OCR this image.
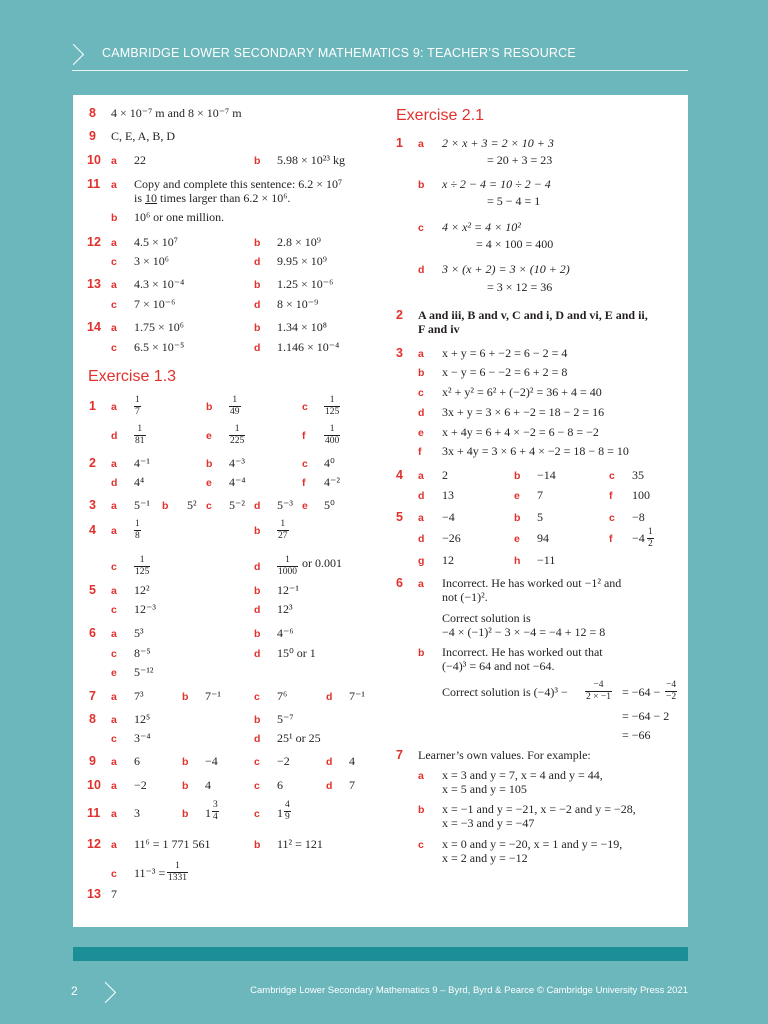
CAMBRIDGE LOWER SECONDARY MATHEMATICS 9: TEACHER’S RESOURCE
8 4 × 10⁻⁷ m and 8 × 10⁻⁷ m
9 C, E, A, B, D
10 a 22	b 5.98 × 10²³ kg
11 a Copy and complete this sentence: 6.2 × 10⁷
is 10 times larger than 6.2 × 10⁶.
b 10⁶ or one million.
12 a 4.5 × 10⁷	b 2.8 × 10⁹
c 3 × 10⁶	d 9.95 × 10⁹
13 a 4.3 × 10⁻⁴	b 1.25 × 10⁻⁶
c 7 × 10⁻⁶	d 8 × 10⁻⁹
14 a 1.75 × 10⁶	b 1.34 × 10⁸
c 6.5 × 10⁻⁵	d 1.146 × 10⁻⁴
Exercise 1.3
1 a $\frac{1}{7}$	b $\frac{1}{49}$	c $\frac{1}{125}$
d $\frac{1}{81}$	e $\frac{1}{225}$	f $\frac{1}{400}$
2 a 4⁻¹	b 4⁻³	c 4⁰
d 4⁴	e 4⁻⁴	f 4⁻²
3 a 5⁻¹ b 5² c 5⁻² d 5⁻³ e 5⁰
4 a $\frac{1}{8}$	b $\frac{1}{27}$
c $\frac{1}{125}$	d $\frac{1}{1000}$ or 0.001
5 a 12²	b 12⁻¹
c 12⁻³	d 12³
6 a 5³	b 4⁻⁶
c 8⁻⁵	d 15⁰ or 1
e 5⁻¹²
7 a 7³	b 7⁻¹	c 7⁶	d 7⁻¹
8 a 12⁵	b 5⁻⁷
c 3⁻⁴	d 25¹ or 25
9 a 6	b −4	c −2	d 4
10 a −2	b 4	c 6	d 7
11 a 3	b $1 \frac{3}{4}$	c $1 \frac{4}{9}$
12 a 11⁶ = 1 771 561	b 11² = 121
c $11^{-3} = \frac{1}{1331}$
13 7
Exercise 2.1
1 a 2 × x + 3 = 2 × 10 + 3
= 20 + 3 = 23
b x ÷ 2 − 4 = 10 ÷ 2 − 4
= 5 − 4 = 1
c 4 × x² = 4 × 10²
= 4 × 100 = 400
d 3 × (x + 2) = 3 × (10 + 2)
= 3 × 12 = 36
2 A and iii, B and v, C and i, D and vi, E and ii,
F and iv
3 a x + y = 6 + −2 = 6 − 2 = 4
b x − y = 6 − −2 = 6 + 2 = 8
c x² + y² = 6² + (−2)² = 36 + 4 = 40
d 3x + y = 3 × 6 + −2 = 18 − 2 = 16
e x + 4y = 6 + 4 × −2 = 6 − 8 = −2
f 3x + 4y = 3 × 6 + 4 × −2 = 18 − 8 = 10
4 a 2	b −14	c 35
d 13	e 7	f 100
5 a −4	b 5	c −8
d −26	e 94	$f -4 \frac{1}{2}$
g 12	h −11
6 a Incorrect. He has worked out −1² and
not (−1)².
Correct solution is
−4 × (−1)² − 3 × −4 = −4 + 12 = 8
b Incorrect. He has worked out that
(−4)³ = 64 and not −64.
Correct solution is $(-4)^3 - \frac{-4}{2 \times -1} = -64 - \frac{-4}{-2}$
= −64 − 2
= −66
7 Learner’s own values. For example:
a x = 3 and y = 7, x = 4 and y = 44,
x = 5 and y = 105
b x = −1 and y = −21, x = −2 and y = −28,
x = −3 and y = −47
c x = 0 and y = −20, x = 1 and y = −19,
x = 2 and y = −12
2	Cambridge Lower Secondary Mathematics 9 – Byrd, Byrd & Pearce © Cambridge University Press 2021
